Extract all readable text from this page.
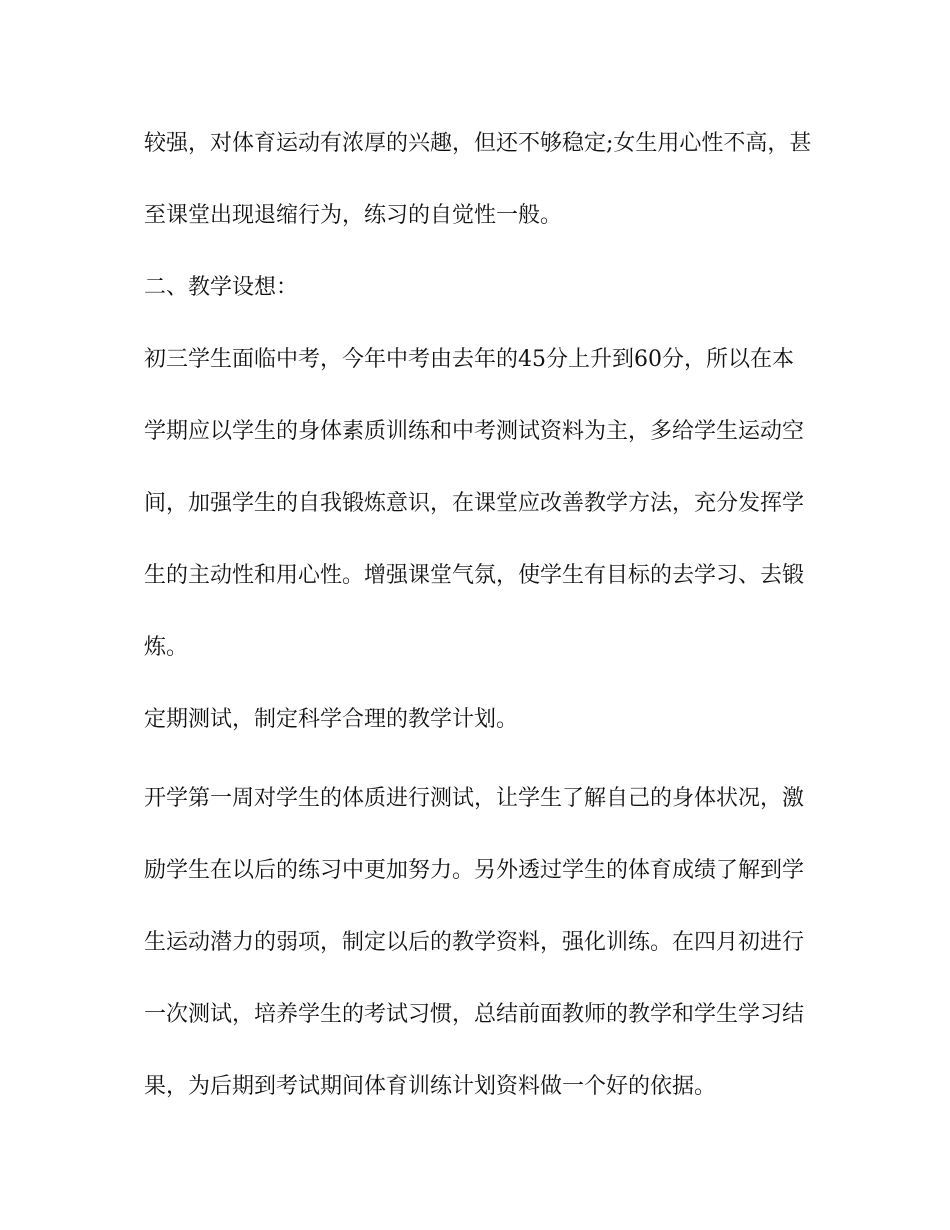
较强，对体育运动有浓厚的兴趣，但还不够稳定;女生用心性不高，甚

至课堂出现退缩行为，练习的自觉性一般。

二、教学设想：

初三学生面临中考，今年中考由去年的45分上升到60分，所以在本

学期应以学生的身体素质训练和中考测试资料为主，多给学生运动空

间，加强学生的自我锻炼意识，在课堂应改善教学方法，充分发挥学

生的主动性和用心性。增强课堂气氛，使学生有目标的去学习、去锻

炼。

定期测试，制定科学合理的教学计划。

开学第一周对学生的体质进行测试，让学生了解自己的身体状况，激

励学生在以后的练习中更加努力。另外透过学生的体育成绩了解到学

生运动潜力的弱项，制定以后的教学资料，强化训练。在四月初进行

一次测试，培养学生的考试习惯，总结前面教师的教学和学生学习结

果，为后期到考试期间体育训练计划资料做一个好的依据。
